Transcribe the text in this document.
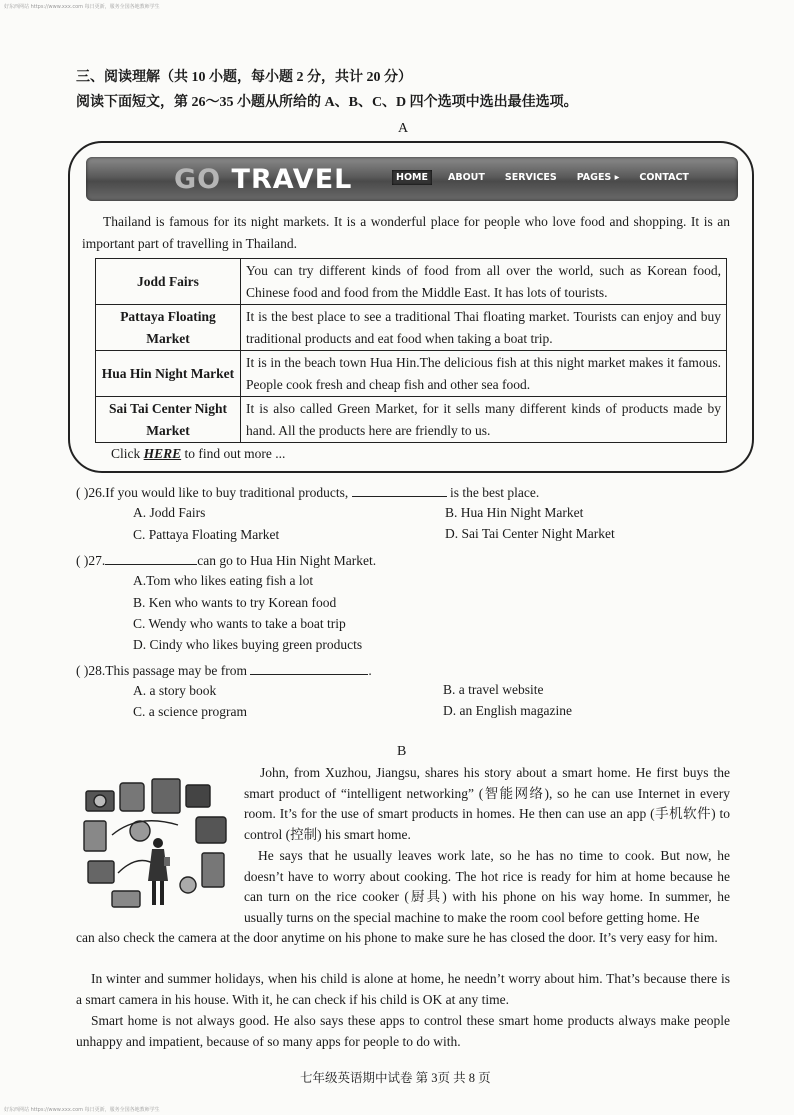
好东西网站 https://www.xxx.com 每日更新，服务全国各地教师学生
三、阅读理解（共 10 小题，每小题 2 分，共计 20 分）
阅读下面短文，第 26～35 小题从所给的 A、B、C、D 四个选项中选出最佳选项。
A
GO TRAVEL	HOME	ABOUT	SERVICES	PAGES ▸	CONTACT
Thailand is famous for its night markets. It is a wonderful place for people who love food and shopping. It is an important part of travelling in Thailand.
Jodd Fairs	You can try different kinds of food from all over the world, such as Korean food, Chinese food and food from the Middle East. It has lots of tourists.
Pattaya Floating Market	It is the best place to see a traditional Thai floating market. Tourists can enjoy and buy traditional products and eat food when taking a boat trip.
Hua Hin Night Market	It is in the beach town Hua Hin.The delicious fish at this night market makes it famous. People cook fresh and cheap fish and other sea food.
Sai Tai Center Night Market	It is also called Green Market, for it sells many different kinds of products made by hand. All the products here are friendly to us.
Click HERE to find out more ...
( )26.If you would like to buy traditional products,	is the best place.
A. Jodd Fairs	B. Hua Hin Night Market
C. Pattaya Floating Market	D. Sai Tai Center Night Market
( )27.	can go to Hua Hin Night Market.
A.Tom who likes eating fish a lot
B. Ken who wants to try Korean food
C. Wendy who wants to take a boat trip
D. Cindy who likes buying green products
( )28.This passage may be from	.
A. a story book	B. a travel website
C. a science program	D. an English magazine
B
John, from Xuzhou, Jiangsu, shares his story about a smart home. He first buys the smart product of “intelligent networking” (智能网络), so he can use Internet in every room. It’s for the use of smart products in homes. He then can use an app (手机软件) to control (控制) his smart home.
He says that he usually leaves work late, so he has no time to cook. But now, he doesn’t have to worry about cooking. The hot rice is ready for him at home because he can turn on the rice cooker (厨具) with his phone on his way home. In summer, he usually turns on the special machine to make the room cool before getting home. He
can also check the camera at the door anytime on his phone to make sure he has closed the door. It’s very easy for him.
In winter and summer holidays, when his child is alone at home, he needn’t worry about him. That’s because there is a smart camera in his house. With it, he can check if his child is OK at any time.
Smart home is not always good. He also says these apps to control these smart home products always make people unhappy and impatient, because of so many apps for people to do with.
七年级英语期中试卷 第 3页 共 8 页
好东西网站 https://www.xxx.com 每日更新，服务全国各地教师学生
